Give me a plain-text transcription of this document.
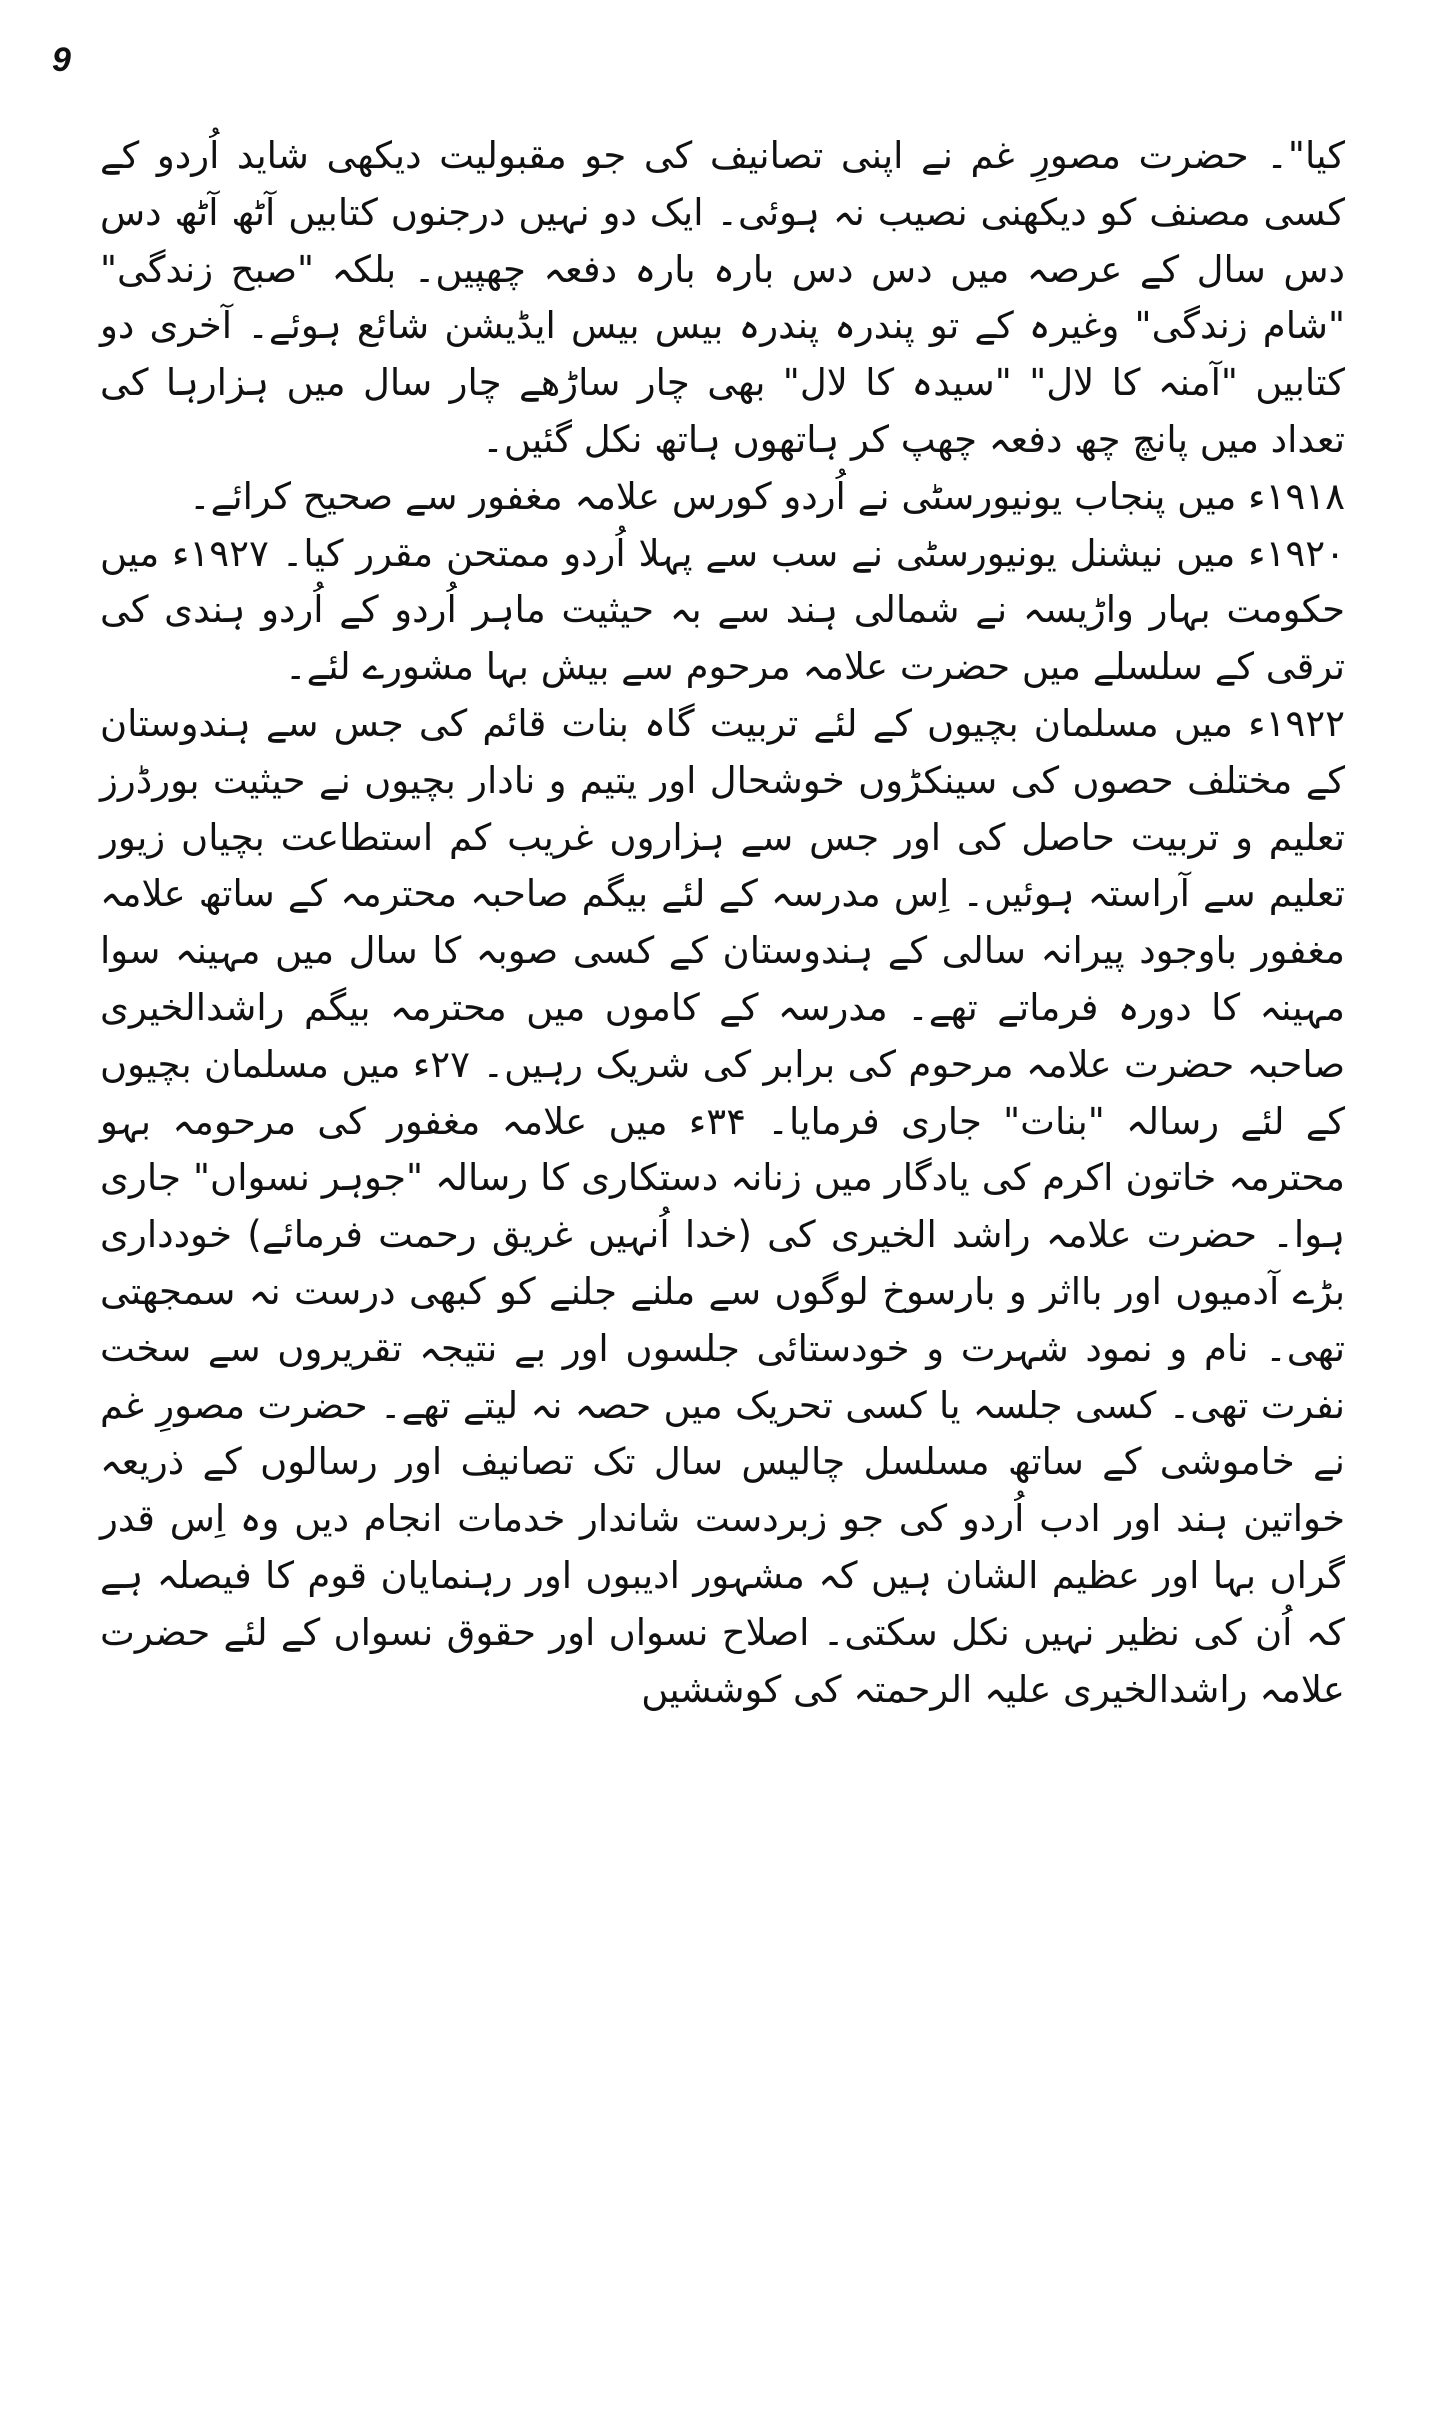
9

کیا"۔ حضرت مصورِ غم نے اپنی تصانیف کی جو مقبولیت دیکھی شاید اُردو کے کسی مصنف کو دیکھنی نصیب نہ ہوئی۔ ایک دو نہیں درجنوں کتابیں آٹھ آٹھ دس دس سال کے عرصہ میں دس دس بارہ بارہ دفعہ چھپیں۔ بلکہ "صبح زندگی" "شام زندگی" وغیرہ کے تو پندرہ پندرہ بیس بیس ایڈیشن شائع ہوئے۔ آخری دو کتابیں "آمنہ کا لال" "سیدہ کا لال" بھی چار ساڑھے چار سال میں ہزارہا کی تعداد میں پانچ چھ دفعہ چھپ کر ہاتھوں ہاتھ نکل گئیں۔

۱۹۱۸ء میں پنجاب یونیورسٹی نے اُردو کورس علامہ مغفور سے صحیح کرائے۔

۱۹۲۰ء میں نیشنل یونیورسٹی نے سب سے پہلا اُردو ممتحن مقرر کیا۔ ۱۹۲۷ء میں حکومت بہار واڑیسہ نے شمالی ہند سے بہ حیثیت ماہر اُردو کے اُردو ہندی کی ترقی کے سلسلے میں حضرت علامہ مرحوم سے بیش بہا مشورے لئے۔

۱۹۲۲ء میں مسلمان بچیوں کے لئے تربیت گاہ بنات قائم کی جس سے ہندوستان کے مختلف حصوں کی سینکڑوں خوشحال اور یتیم و نادار بچیوں نے حیثیت بورڈرز تعلیم و تربیت حاصل کی اور جس سے ہزاروں غریب کم استطاعت بچیاں زیور تعلیم سے آراستہ ہوئیں۔ اِس مدرسہ کے لئے بیگم صاحبہ محترمہ کے ساتھ علامہ مغفور باوجود پیرانہ سالی کے ہندوستان کے کسی صوبہ کا سال میں مہینہ سوا مہینہ کا دورہ فرماتے تھے۔ مدرسہ کے کاموں میں محترمہ بیگم راشدالخیری صاحبہ حضرت علامہ مرحوم کی برابر کی شریک رہیں۔ ۲۷ء میں مسلمان بچیوں کے لئے رسالہ "بنات" جاری فرمایا۔ ۳۴ء میں علامہ مغفور کی مرحومہ بہو محترمہ خاتون اکرم کی یادگار میں زنانہ دستکاری کا رسالہ "جوہر نسواں" جاری ہوا۔ حضرت علامہ راشد الخیری کی (خدا اُنہیں غریق رحمت فرمائے) خودداری بڑے آدمیوں اور بااثر و بارسوخ لوگوں سے ملنے جلنے کو کبھی درست نہ سمجھتی تھی۔ نام و نمود شہرت و خودستائی جلسوں اور بے نتیجہ تقریروں سے سخت نفرت تھی۔ کسی جلسہ یا کسی تحریک میں حصہ نہ لیتے تھے۔ حضرت مصورِ غم نے خاموشی کے ساتھ مسلسل چالیس سال تک تصانیف اور رسالوں کے ذریعہ خواتین ہند اور ادب اُردو کی جو زبردست شاندار خدمات انجام دیں وہ اِس قدر گراں بہا اور عظیم الشان ہیں کہ مشہور ادیبوں اور رہنمایان قوم کا فیصلہ ہے کہ اُن کی نظیر نہیں نکل سکتی۔ اصلاح نسواں اور حقوق نسواں کے لئے حضرت علامہ راشدالخیری علیہ الرحمتہ کی کوششیں
